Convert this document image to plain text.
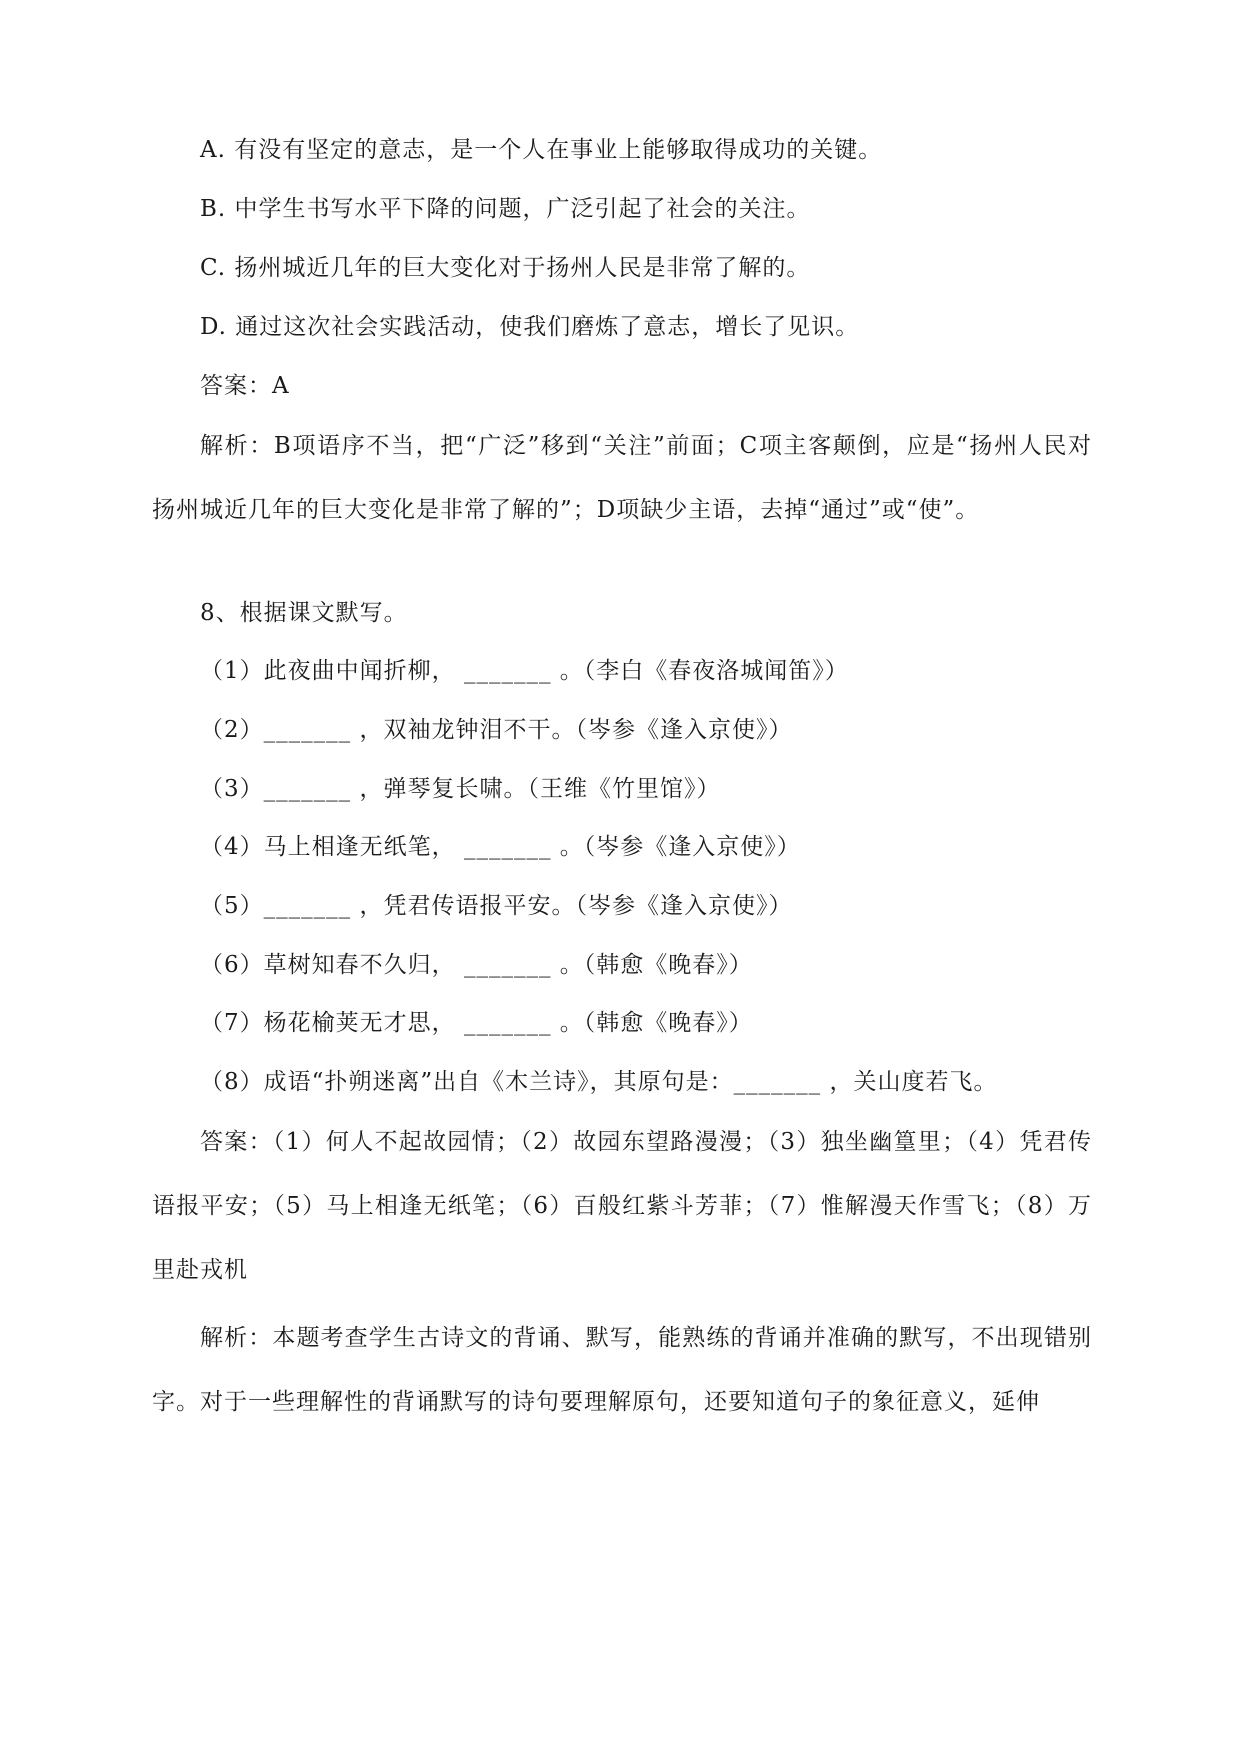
A. 有没有坚定的意志，是一个人在事业上能够取得成功的关键。
B. 中学生书写水平下降的问题，广泛引起了社会的关注。
C. 扬州城近几年的巨大变化对于扬州人民是非常了解的。
D. 通过这次社会实践活动，使我们磨炼了意志，增长了见识。
答案：A
解析：B项语序不当，把“广泛”移到“关注”前面；C项主客颠倒，应是“扬州人民对扬州城近几年的巨大变化是非常了解的”；D项缺少主语，去掉“通过”或“使”。
8、根据课文默写。
（1）此夜曲中闻折柳， _______ 。（李白《春夜洛城闻笛》）
（2）_______ ，双袖龙钟泪不干。（岑参《逢入京使》）
（3）_______ ，弹琴复长啸。（王维《竹里馆》）
（4）马上相逢无纸笔， _______ 。（岑参《逢入京使》）
（5）_______ ，凭君传语报平安。（岑参《逢入京使》）
（6）草树知春不久归， _______ 。（韩愈《晚春》）
（7）杨花榆荚无才思， _______ 。（韩愈《晚春》）
（8）成语“扑朔迷离”出自《木兰诗》，其原句是：_______ ，关山度若飞。
答案：（1）何人不起故园情；（2）故园东望路漫漫；（3）独坐幽篁里；（4）凭君传语报平安；（5）马上相逢无纸笔；（6）百般红紫斗芳菲；（7）惟解漫天作雪飞；（8）万里赴戎机
解析：本题考查学生古诗文的背诵、默写，能熟练的背诵并准确的默写，不出现错别字。对于一些理解性的背诵默写的诗句要理解原句，还要知道句子的象征意义，延伸
